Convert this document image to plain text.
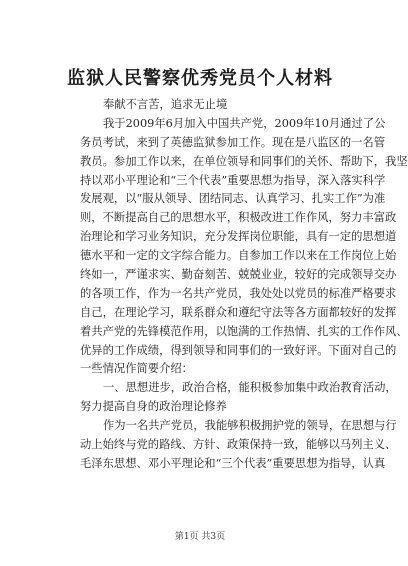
监狱人民警察优秀党员个人材料
奉献不言苦，追求无止境
我于2009年6月加入中国共产党，2009年10月通过了公
务员考试，来到了英德监狱参加工作。现在是八监区的一名管
教员。参加工作以来，在单位领导和同事们的关怀、帮助下，我坚
持以邓小平理论和“三个代表”重要思想为指导，深入落实科学
发展观，以“服从领导、团结同志、认真学习、扎实工作”为准
则，不断提高自己的思想水平，积极改进工作作风，努力丰富政
治理论和学习业务知识，充分发挥岗位职能，具有一定的思想道
德水平和一定的文字综合能力。自参加工作以来在工作岗位上始
终如一，严谨求实、勤奋刻苦、兢兢业业，较好的完成领导交办
的各项工作，作为一名共产党员，我处处以党员的标准严格要求
自己，在理论学习，联系群众和遵纪守法等各方面都较好的发挥
着共产党的先锋模范作用，以饱满的工作热情、扎实的工作作风、
优异的工作成绩，得到领导和同事们的一致好评。下面对自己的
一些情况作简要介绍：
一、思想进步，政治合格，能积极参加集中政治教育活动，
努力提高自身的政治理论修养
作为一名共产党员，我能够积极拥护党的领导，在思想与行
动上始终与党的路线、方针、政策保持一致，能够以马列主义、
毛泽东思想、邓小平理论和“三个代表”重要思想为指导，认真
第1页 共3页
